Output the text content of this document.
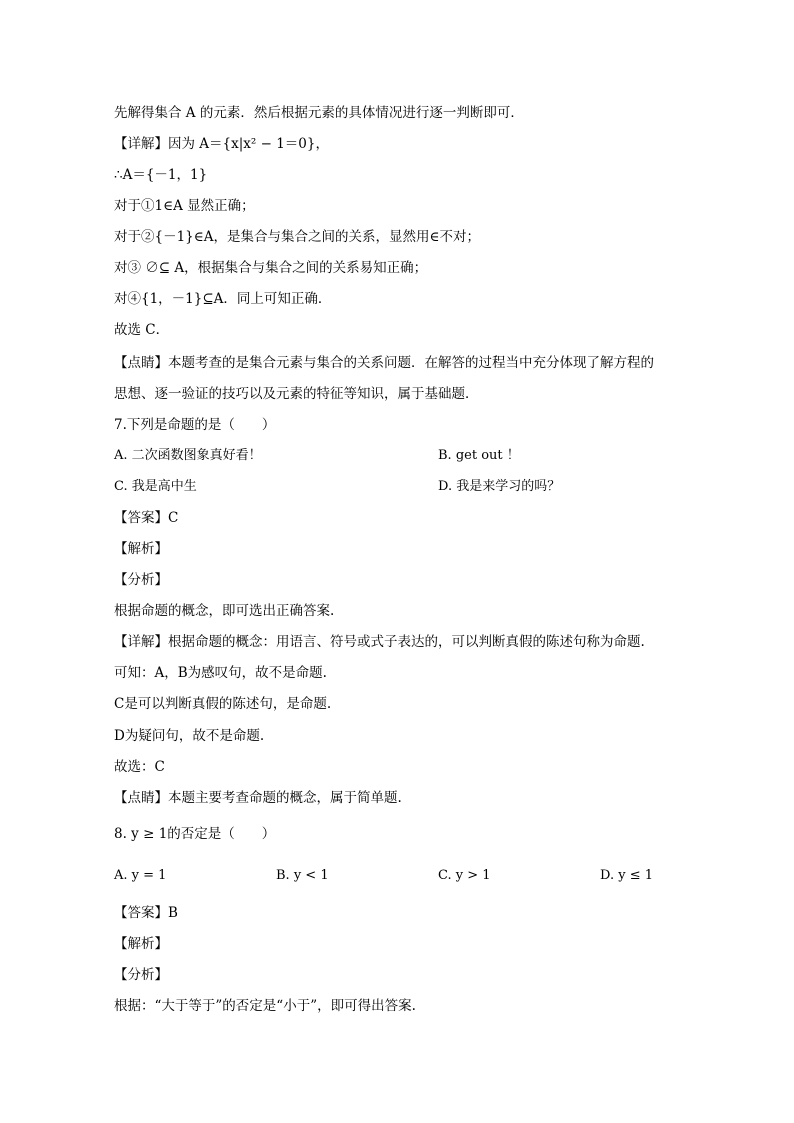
先解得集合 A 的元素．然后根据元素的具体情况进行逐一判断即可．
【详解】因为 A＝{x|x² − 1＝0}，
∴A＝{－1，1}
对于①1∈A 显然正确；
对于②{－1}∈A，是集合与集合之间的关系，显然用∈不对；
对③ ∅⊆ A，根据集合与集合之间的关系易知正确；
对④{1，－1}⊆A．同上可知正确．
故选 C．
【点睛】本题考查的是集合元素与集合的关系问题．在解答的过程当中充分体现了解方程的
思想、逐一验证的技巧以及元素的特征等知识，属于基础题．
7.下列是命题的是（　　）
A. 二次函数图象真好看！	B. get out ！
C. 我是高中生	D. 我是来学习的吗？
【答案】C
【解析】
【分析】
根据命题的概念，即可选出正确答案.
【详解】根据命题的概念：用语言、符号或式子表达的，可以判断真假的陈述句称为命题.
可知：A，B为感叹句，故不是命题.
C是可以判断真假的陈述句，是命题.
D为疑问句，故不是命题.
故选：C
【点睛】本题主要考查命题的概念，属于简单题.
8. y ≥ 1的否定是（　　）
A. y = 1	B. y < 1	C. y > 1	D. y ≤ 1
【答案】B
【解析】
【分析】
根据：“大于等于”的否定是“小于”，即可得出答案.
